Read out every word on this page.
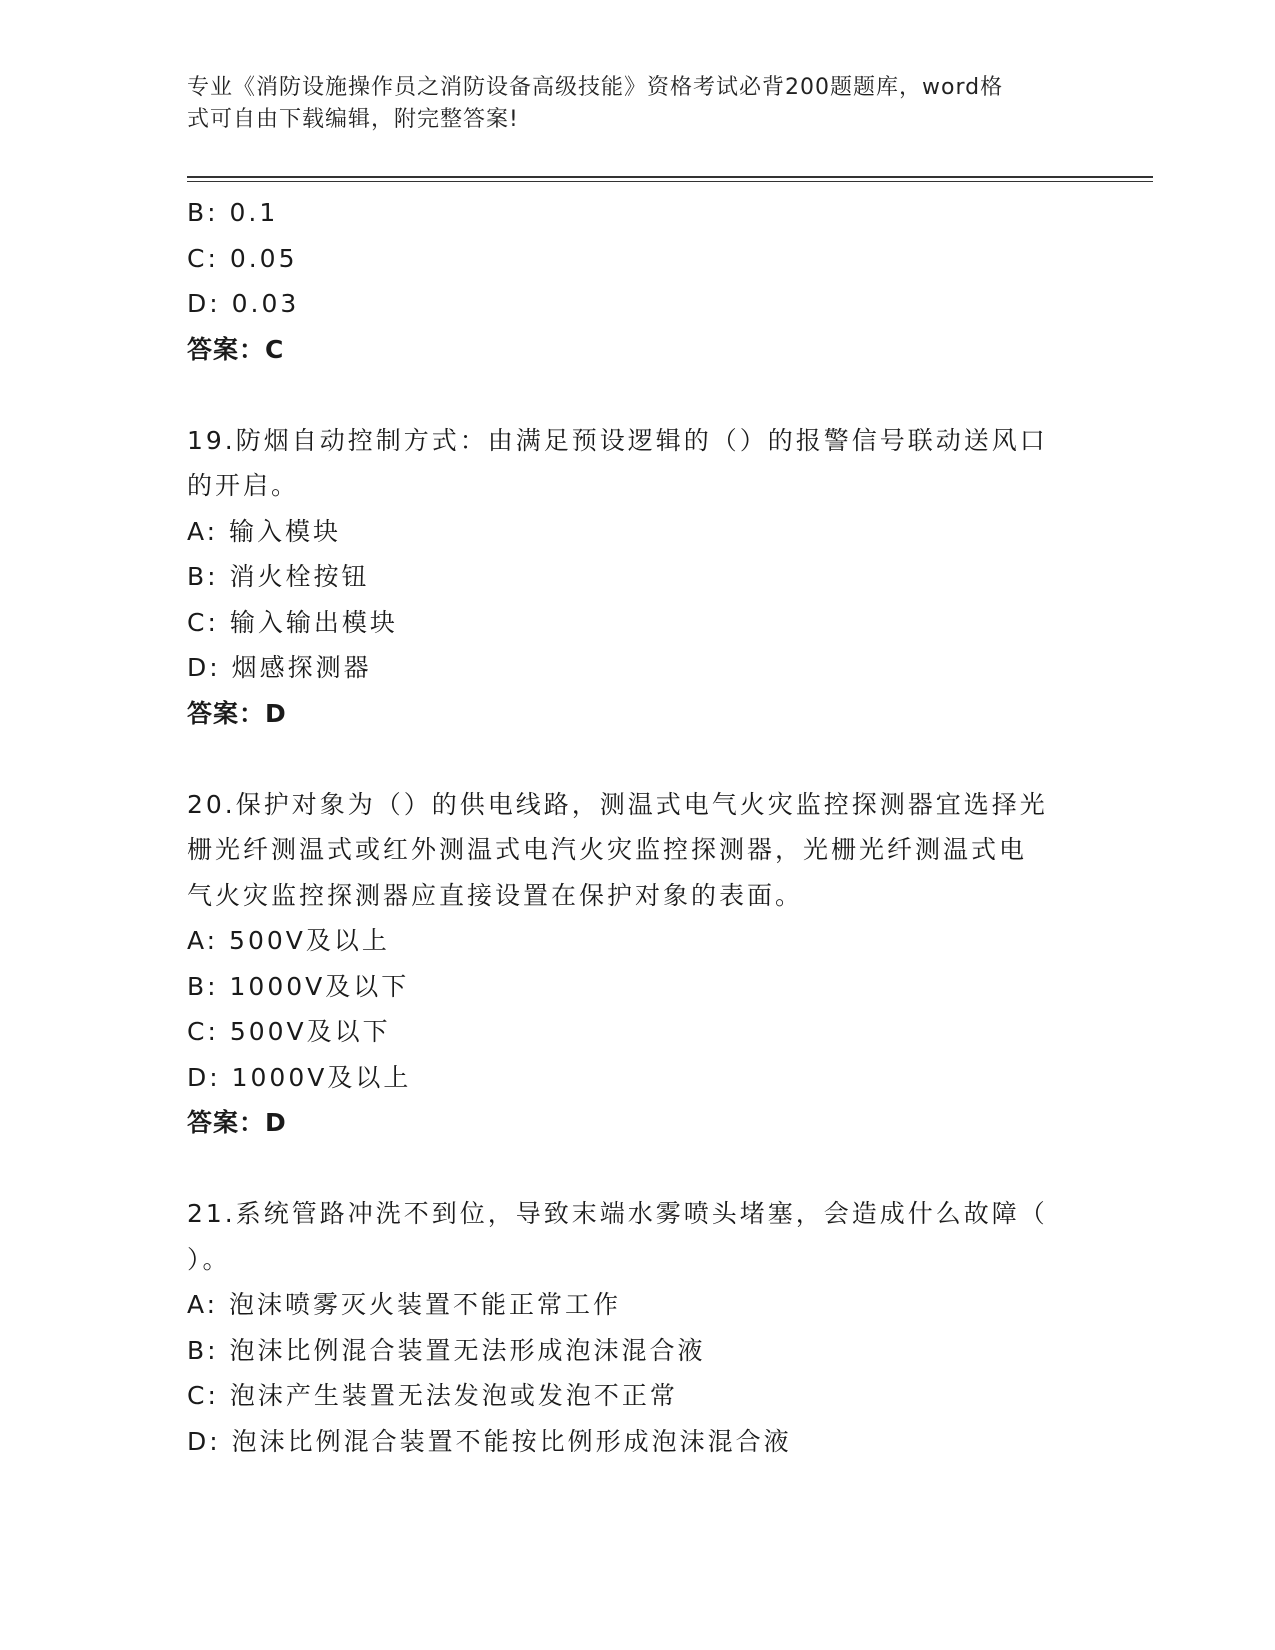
专业《消防设施操作员之消防设备高级技能》资格考试必背200题题库，word格
式可自由下载编辑，附完整答案!
B: 0.1
C: 0.05
D: 0.03
答案：C
19.防烟自动控制方式：由满足预设逻辑的（）的报警信号联动送风口
的开启。
A: 输入模块
B: 消火栓按钮
C: 输入输出模块
D: 烟感探测器
答案：D
20.保护对象为（）的供电线路，测温式电气火灾监控探测器宜选择光
栅光纤测温式或红外测温式电汽火灾监控探测器，光栅光纤测温式电
气火灾监控探测器应直接设置在保护对象的表面。
A: 500V及以上
B: 1000V及以下
C: 500V及以下
D: 1000V及以上
答案：D
21.系统管路冲洗不到位，导致末端水雾喷头堵塞，会造成什么故障（
）。
A: 泡沫喷雾灭火装置不能正常工作
B: 泡沫比例混合装置无法形成泡沫混合液
C: 泡沫产生装置无法发泡或发泡不正常
D: 泡沫比例混合装置不能按比例形成泡沫混合液
